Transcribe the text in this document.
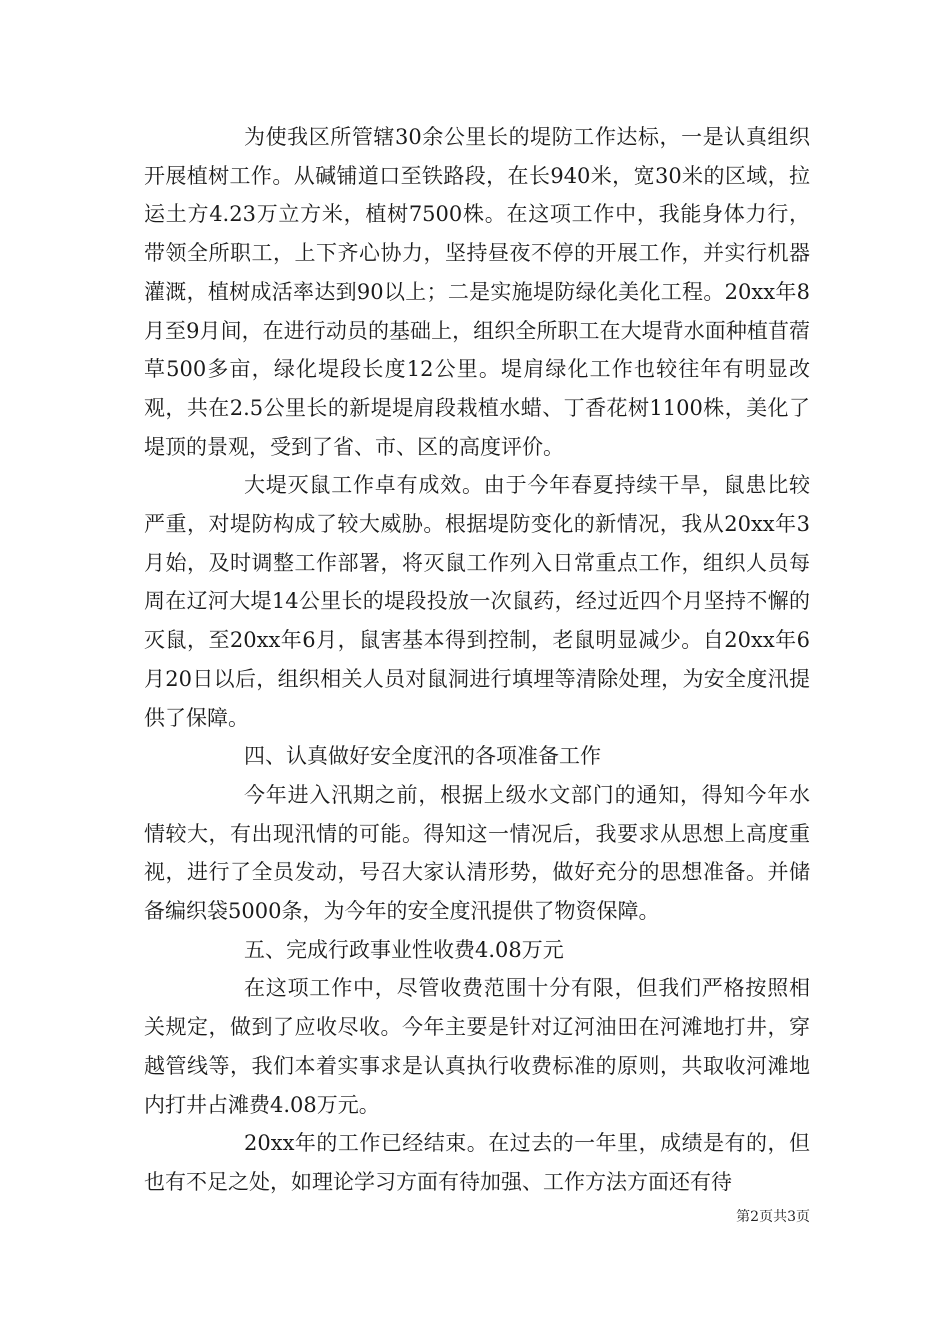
为使我区所管辖30余公里长的堤防工作达标，一是认真组织开展植树工作。从碱铺道口至铁路段，在长940米，宽30米的区域，拉运土方4.23万立方米，植树7500株。在这项工作中，我能身体力行，带领全所职工，上下齐心协力，坚持昼夜不停的开展工作，并实行机器灌溉，植树成活率达到90以上；二是实施堤防绿化美化工程。20xx年8月至9月间，在进行动员的基础上，组织全所职工在大堤背水面种植苜蓿草500多亩，绿化堤段长度12公里。堤肩绿化工作也较往年有明显改观，共在2.5公里长的新堤堤肩段栽植水蜡、丁香花树1100株，美化了堤顶的景观，受到了省、市、区的高度评价。

大堤灭鼠工作卓有成效。由于今年春夏持续干旱，鼠患比较严重，对堤防构成了较大威胁。根据堤防变化的新情况，我从20xx年3月始，及时调整工作部署，将灭鼠工作列入日常重点工作，组织人员每周在辽河大堤14公里长的堤段投放一次鼠药，经过近四个月坚持不懈的灭鼠，至20xx年6月，鼠害基本得到控制，老鼠明显减少。自20xx年6月20日以后，组织相关人员对鼠洞进行填埋等清除处理，为安全度汛提供了保障。

四、认真做好安全度汛的各项准备工作

今年进入汛期之前，根据上级水文部门的通知，得知今年水情较大，有出现汛情的可能。得知这一情况后，我要求从思想上高度重视，进行了全员发动，号召大家认清形势，做好充分的思想准备。并储备编织袋5000条，为今年的安全度汛提供了物资保障。

五、完成行政事业性收费4.08万元

在这项工作中，尽管收费范围十分有限，但我们严格按照相关规定，做到了应收尽收。今年主要是针对辽河油田在河滩地打井，穿越管线等，我们本着实事求是认真执行收费标准的原则，共取收河滩地内打井占滩费4.08万元。

20xx年的工作已经结束。在过去的一年里，成绩是有的，但也有不足之处，如理论学习方面有待加强、工作方法方面还有待

第2页共3页
